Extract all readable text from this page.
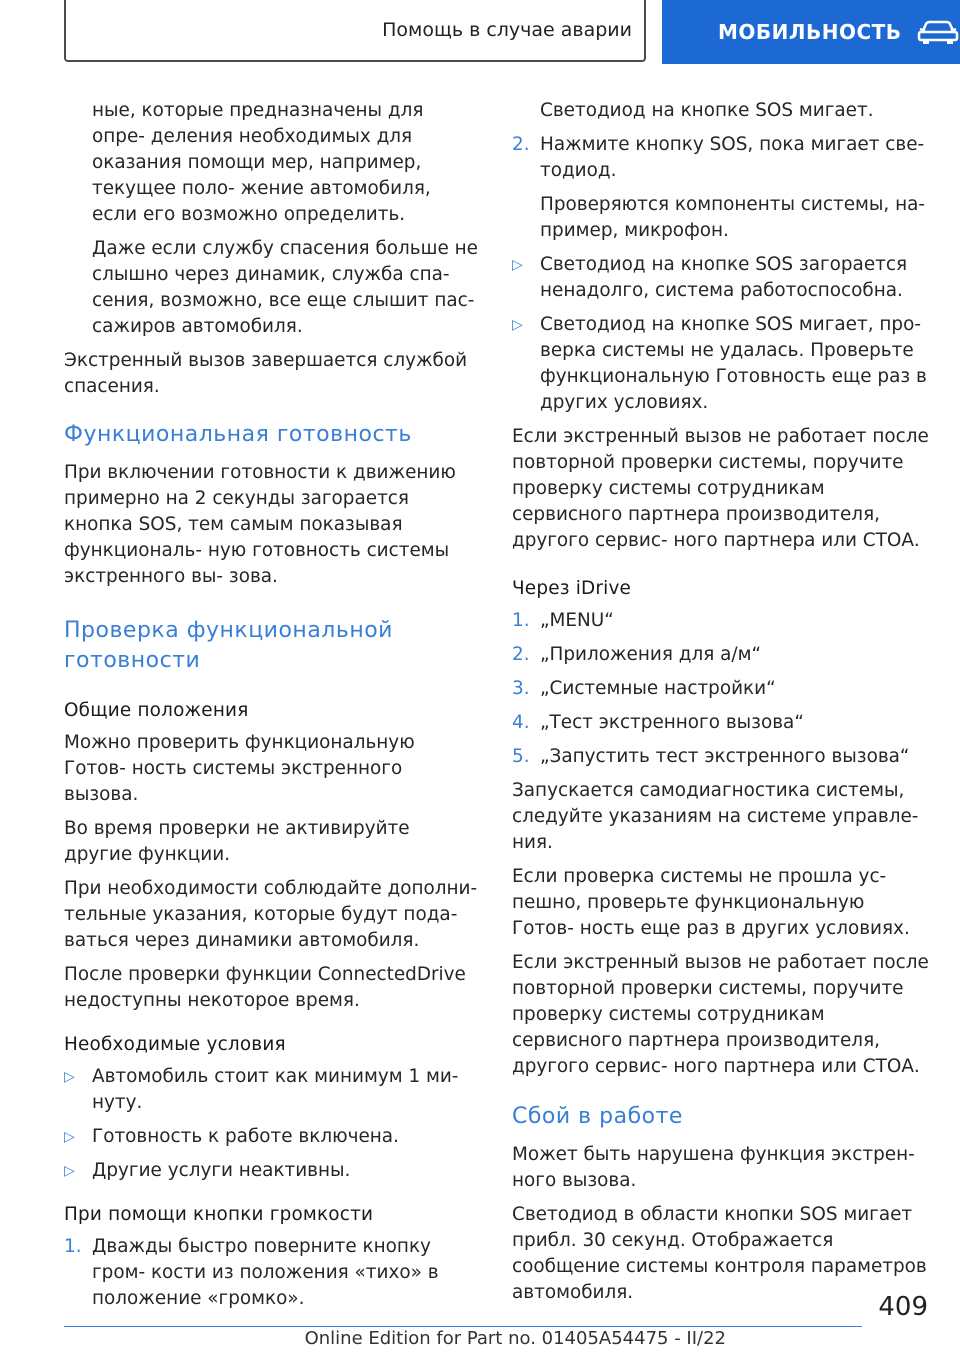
Помощь в случае аварии	МОБИЛЬНОСТЬ

ные, которые предназначены для опре- деления необходимых для оказания помощи мер, например, текущее поло- жение автомобиля, если его возможно определить.

Даже если службу спасения больше не слышно через динамик, служба спа- сения, возможно, все еще слышит пас- сажиров автомобиля.

Экстренный вызов завершается службой спасения.

Функциональная готовность

При включении готовности к движению примерно на 2 секунды загорается кнопка SOS, тем самым показывая функциональ- ную готовность системы экстренного вы- зова.

Проверка функциональной готовности
Общие положения

Можно проверить функциональную Готов- ность системы экстренного вызова.

Во время проверки не активируйте другие функции.

При необходимости соблюдайте дополни- тельные указания, которые будут пода- ваться через динамики автомобиля.

После проверки функции ConnectedDrive недоступны некоторое время.

Необходимые условия
▷ Автомобиль стоит как минимум 1 ми- нуту.
▷ Готовность к работе включена.
▷ Другие услуги неактивны.
При помощи кнопки громкости
1. Дважды быстро поверните кнопку гром- кости из положения «тихо» в положение «громко».

Светодиод на кнопке SOS мигает.

2. Нажмите кнопку SOS, пока мигает све- тодиод.

Проверяются компоненты системы, на- пример, микрофон.

▷ Светодиод на кнопке SOS загорается ненадолго, система работоспособна.
▷ Светодиод на кнопке SOS мигает, про- верка системы не удалась. Проверьте функциональную Готовность еще раз в других условиях.

Если экстренный вызов не работает после повторной проверки системы, поручите проверку системы сотрудникам сервисного партнера производителя, другого сервис- ного партнера или СТОА.

Через iDrive
1. „MENU“
2. „Приложения для а/м“
3. „Системные настройки“
4. „Тест экстренного вызова“
5. „Запустить тест экстренного вызова“

Запускается самодиагностика системы, следуйте указаниям на системе управле- ния.

Если проверка системы не прошла ус- пешно, проверьте функциональную Готов- ность еще раз в других условиях.

Если экстренный вызов не работает после повторной проверки системы, поручите проверку системы сотрудникам сервисного партнера производителя, другого сервис- ного партнера или СТОА.

Сбой в работе

Может быть нарушена функция экстрен- ного вызова.

Светодиод в области кнопки SOS мигает прибл. 30 секунд. Отображается сообщение системы контроля параметров автомобиля.	409
Online Edition for Part no. 01405A54475 - II/22
